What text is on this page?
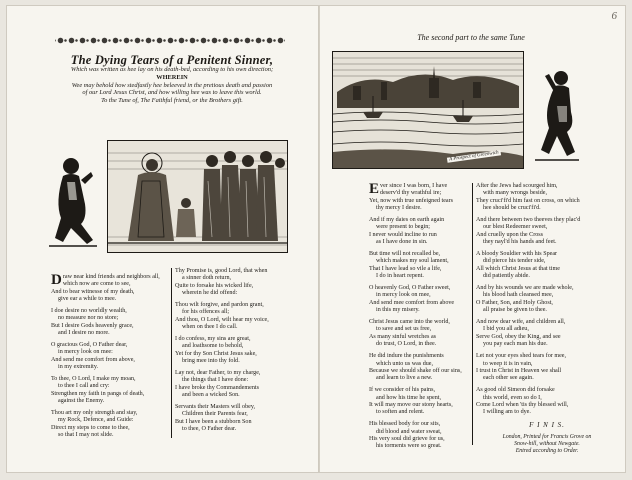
6
The Dying Tears of a Penitent Sinner,
Which was written as hee lay on his death-bed, according to his own direction;
WHEREIN
Wee may behold how stedfastly hee beleeved in the pretious death and passion
of our Lord Jesus Christ, and how willing hee was to leave this world.
To the Tune of, The Faithful friend, or the Brothers gift.
Draw near kind friends and neighbors all,
which now are come to see,
And to bear witnesse of my death,
give ear a while to mee.
I doe desire no worldly wealth,
no measure nor no store;
But I desire Gods heavenly grace,
and I desire no more.
O gracious God, O Father dear,
in mercy look on mee:
And send me comfort from above,
in my extremity.
To thee, O Lord, I make my moan,
to thee I call and cry:
Strengthen my faith in pangs of death,
against the Enemy.
Thou art my only strength and stay,
my Rock, Defence, and Guide:
Direct my steps to come to thee,
so that I may not slide.
Thy Promise is, good Lord, that when
a sinner doth return,
Quite to forsake his wicked life,
wherein he did offend:
Thou wilt forgive, and pardon grant,
for his offences all;
And thou, O Lord, wilt hear my voice,
when on thee I do call.
I do confess, my sins are great,
and loathsome to behold,
Yet for thy Son Christ Jesus sake,
bring mee into thy fold.
Lay not, dear Father, to my charge,
the things that I have done:
I have broke thy Commandements
and been a wicked Son.
Servants their Masters will obey,
Children their Parents fear,
But I have been a stubborn Son
to thee, O Father dear.
The second part to the same Tune
A Prospect of Greenwich
Ever since I was born, I have
deserv'd thy wrathful ire;
Yet, now with true unfeigned tears
thy mercy I desire.
And if my daies on earth again
were present to begin;
I never would incline to run
as I have done in sin.
But time will not recalled be,
which makes my soul lament,
That I have lead so vile a life,
I do in heart repent.
O heavenly God, O Father sweet,
in mercy look on mee,
And send mee comfort from above
in this my misery.
Christ Jesus came into the world,
to save and set us free,
As many sinful wretches as
do trust, O Lord, in thee.
He did indure the punishments
which unto us was due,
Because we should shake off our sins,
and learn to live a new.
If we consider of his pains,
and how his time he spent,
It will may move our stony hearts,
to soften and relent.
His blessed body for our sits,
did blood and water sweat,
His very soul did grieve for us,
his torments were so great.
After the Jews had scourged him,
with many wrongs beside,
They cruci'fi'd him fast on cross, on which
hee should be cruci'fi'd.
And there between two theeves they plac'd
our blest Redeemer sweet,
And cruelly upon the Cross
they nayl'd his hands and feet.
A bloody Souldier with his Spear
did pierce his tender side,
All which Christ Jesus at that time
did patiently abide.
And by his wounds we are made whole,
his blood hath cleansed mee,
O Father, Son, and Holy Ghost,
all praise be given to thee.
And now dear wife, and children all,
I bid you all adieu,
Serve God, obey the King, and see
you pay each man his due.
Let not your eyes shed tears for mee,
to weep it is in vain,
I trust in Christ in Heaven we shall
each other see again.
As good old Simeon did forsake
this world, even so do I,
Come Lord when 'tis thy blessed will,
I willing am to dye.
F I N I S.
London, Printed for Francis Grove on
Snow-hill, without Newgate.
Entred according to Order.
